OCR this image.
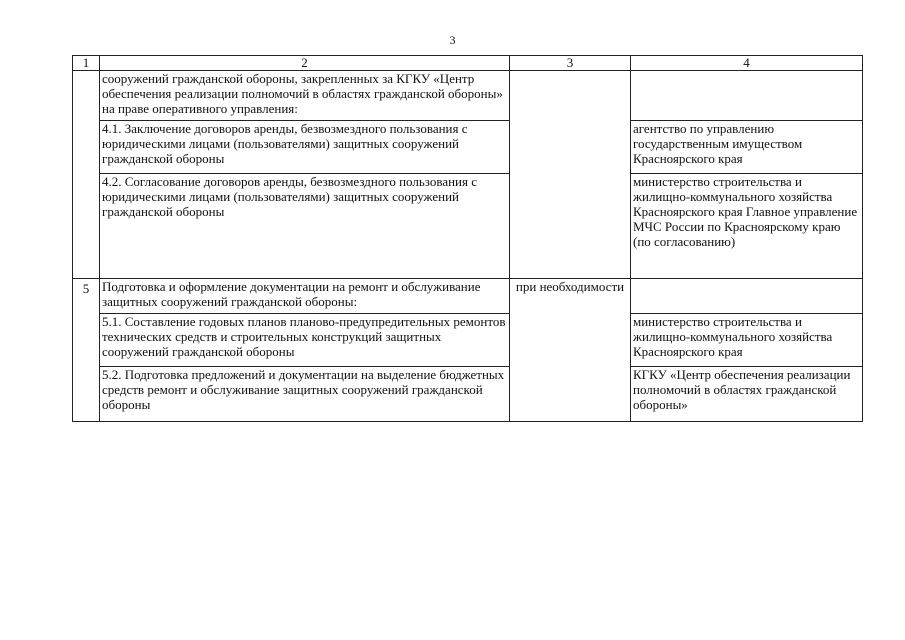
3
1	2	3	4
	сооружений гражданской обороны, закрепленных за КГКУ «Центр обеспечения реализации полномочий в областях гражданской обороны» на праве оперативного управления:		
	4.1. Заключение договоров аренды, безвозмездного пользования с юридическими лицами (пользователями) защитных сооружений гражданской обороны		агентство по управлению государственным имуществом Красноярского края
	4.2. Согласование договоров аренды, безвозмездного пользования с юридическими лицами (пользователями) защитных сооружений гражданской обороны		министерство строительства и жилищно-коммунального хозяйства Красноярского края Главное управление МЧС России по Красноярскому краю (по согласованию)
5	Подготовка и оформление документации на ремонт и обслуживание защитных сооружений гражданской обороны:	при необходимости	
	5.1. Составление годовых планов планово-предупредительных ремонтов технических средств и строительных конструкций защитных сооружений гражданской обороны		министерство строительства и жилищно-коммунального хозяйства Красноярского края
	5.2. Подготовка предложений и документации на выделение бюджетных средств ремонт и обслуживание защитных сооружений гражданской обороны		КГКУ «Центр обеспечения реализации полномочий в областях гражданской обороны»
